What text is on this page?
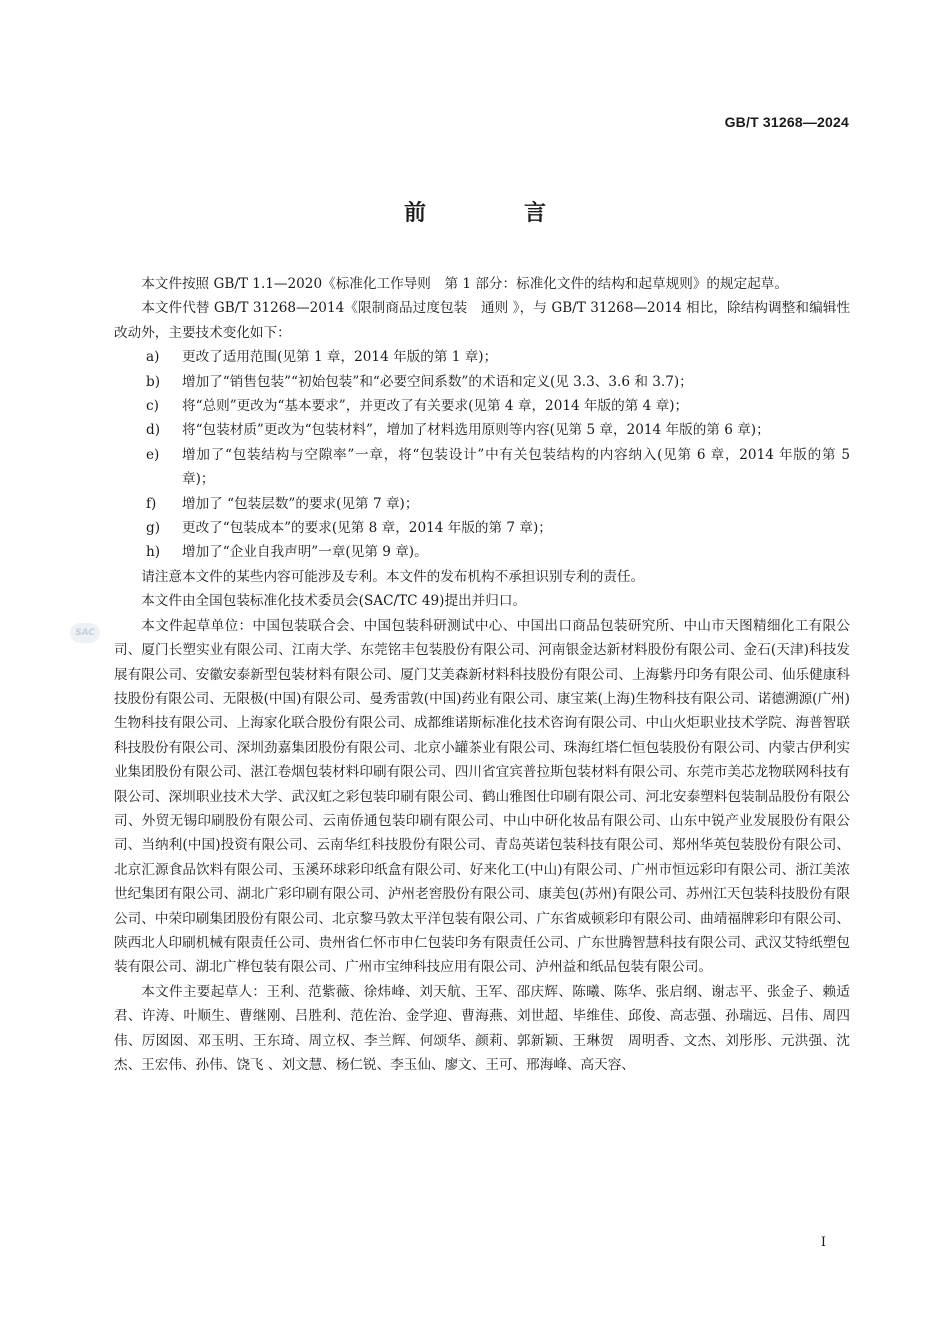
GB/T 31268—2024
前　言

本文件按照 GB/T 1.1—2020《标准化工作导则　第 1 部分：标准化文件的结构和起草规则》的规定起草。

本文件代替 GB/T 31268—2014《限制商品过度包装　通则 》，与 GB/T 31268—2014 相比，除结构调整和编辑性改动外，主要技术变化如下：

a)	更改了适用范围(见第 1 章，2014 年版的第 1 章)；
b)	增加了“销售包装”“初始包装”和“必要空间系数”的术语和定义(见 3.3、3.6 和 3.7)；
c)	将“总则”更改为“基本要求”，并更改了有关要求(见第 4 章，2014 年版的第 4 章)；
d)	将“包装材质”更改为“包装材料”，增加了材料选用原则等内容(见第 5 章，2014 年版的第 6 章)；
e)	增加了“包装结构与空隙率”一章，将“包装设计”中有关包装结构的内容纳入(见第 6 章，2014 年版的第 5 章)；
f)	增加了 “包装层数”的要求(见第 7 章)；
g)	更改了“包装成本”的要求(见第 8 章，2014 年版的第 7 章)；
h)	增加了“企业自我声明”一章(见第 9 章)。

请注意本文件的某些内容可能涉及专利。本文件的发布机构不承担识别专利的责任。

本文件由全国包装标准化技术委员会(SAC/TC 49)提出并归口。

本文件起草单位：中国包装联合会、中国包装科研测试中心、中国出口商品包装研究所、中山市天图精细化工有限公司、厦门长塑实业有限公司、江南大学、东莞铭丰包装股份有限公司、河南银金达新材料股份有限公司、金石(天津)科技发展有限公司、安徽安泰新型包装材料有限公司、厦门艾美森新材料科技股份有限公司、上海紫丹印务有限公司、仙乐健康科技股份有限公司、无限极(中国)有限公司、曼秀雷敦(中国)药业有限公司、康宝莱(上海)生物科技有限公司、诺德溯源(广州)生物科技有限公司、上海家化联合股份有限公司、成都维诺斯标准化技术咨询有限公司、中山火炬职业技术学院、海普智联科技股份有限公司、深圳劲嘉集团股份有限公司、北京小罐茶业有限公司、珠海红塔仁恒包装股份有限公司、内蒙古伊利实业集团股份有限公司、湛江卷烟包装材料印刷有限公司、四川省宜宾普拉斯包装材料有限公司、东莞市美芯龙物联网科技有限公司、深圳职业技术大学、武汉虹之彩包装印刷有限公司、鹤山雅图仕印刷有限公司、河北安泰塑料包装制品股份有限公司、外贸无锡印刷股份有限公司、云南侨通包装印刷有限公司、中山中研化妆品有限公司、山东中锐产业发展股份有限公司、当纳利(中国)投资有限公司、云南华红科技股份有限公司、青岛英诺包装科技有限公司、郑州华英包装股份有限公司、北京汇源食品饮料有限公司、玉溪环球彩印纸盒有限公司、好来化工(中山)有限公司、广州市恒远彩印有限公司、浙江美浓世纪集团有限公司、湖北广彩印刷有限公司、泸州老窖股份有限公司、康美包(苏州)有限公司、苏州江天包装科技股份有限公司、中荣印刷集团股份有限公司、北京黎马敦太平洋包装有限公司、广东省威顿彩印有限公司、曲靖福牌彩印有限公司、陕西北人印刷机械有限责任公司、贵州省仁怀市申仁包装印务有限责任公司、广东世腾智慧科技有限公司、武汉艾特纸塑包装有限公司、湖北广桦包装有限公司、广州市宝绅科技应用有限公司、泸州益和纸品包装有限公司。

本文件主要起草人：王利、范紫薇、徐炜峰、刘天航、王军、邵庆辉、陈曦、陈华、张启纲、谢志平、张金子、赖适君、许涛、叶顺生、曹继刚、吕胜利、范佐治、金学迎、曹海燕、刘世超、毕维佳、邱俊、高志强、孙瑞远、吕伟、周四伟、厉囡囡、邓玉明、王东琦、周立权、李兰辉、何颂华、颜莉、郭新颖、王琳贺　周明香、文杰、刘彤彤、元洪强、沈杰、王宏伟、孙伟、饶飞 、刘文慧、杨仁锐、李玉仙、廖文、王可、邢海峰、高天容、

SAC
I
